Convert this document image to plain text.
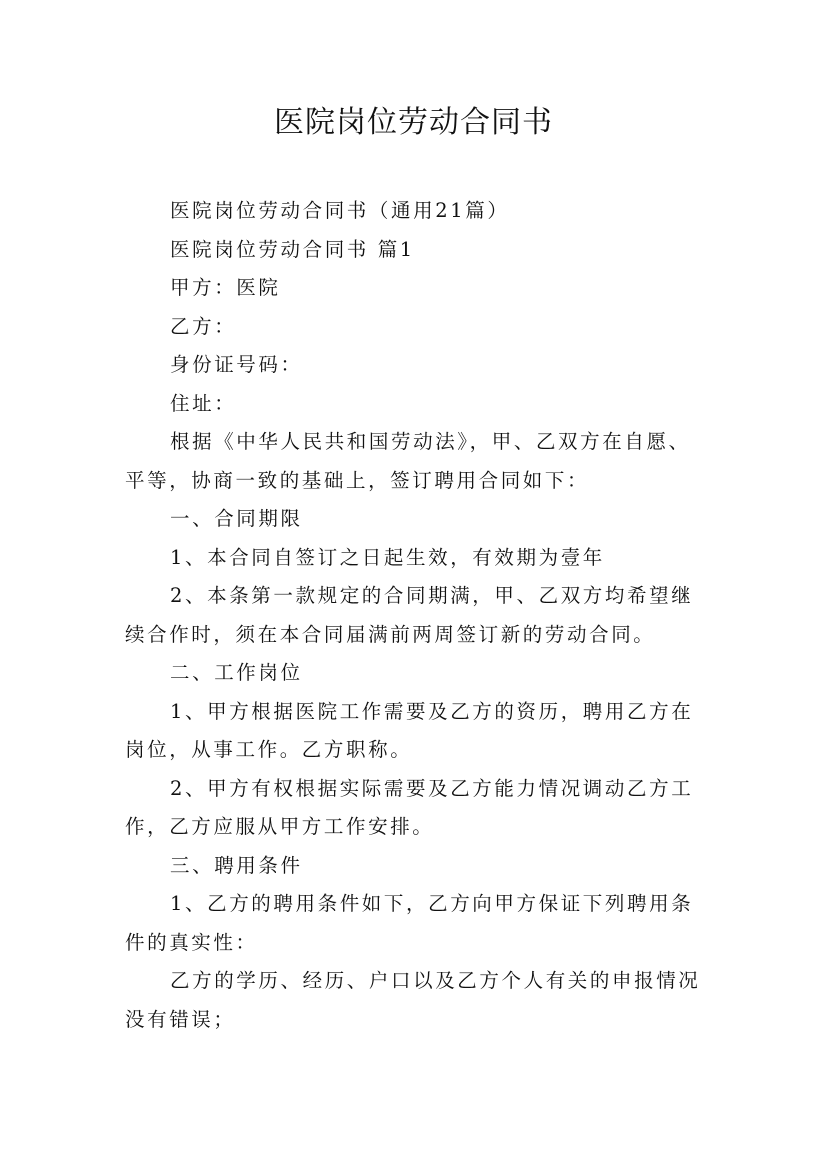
医院岗位劳动合同书

医院岗位劳动合同书（通用21篇）

医院岗位劳动合同书 篇1

甲方：医院

乙方：

身份证号码：

住址：

根据《中华人民共和国劳动法》，甲、乙双方在自愿、平等，协商一致的基础上，签订聘用合同如下：

一、合同期限

1、本合同自签订之日起生效，有效期为壹年

2、本条第一款规定的合同期满，甲、乙双方均希望继续合作时，须在本合同届满前两周签订新的劳动合同。

二、工作岗位

1、甲方根据医院工作需要及乙方的资历，聘用乙方在岗位，从事工作。乙方职称。

2、甲方有权根据实际需要及乙方能力情况调动乙方工作，乙方应服从甲方工作安排。

三、聘用条件

1、乙方的聘用条件如下，乙方向甲方保证下列聘用条件的真实性：

乙方的学历、经历、户口以及乙方个人有关的申报情况没有错误；
